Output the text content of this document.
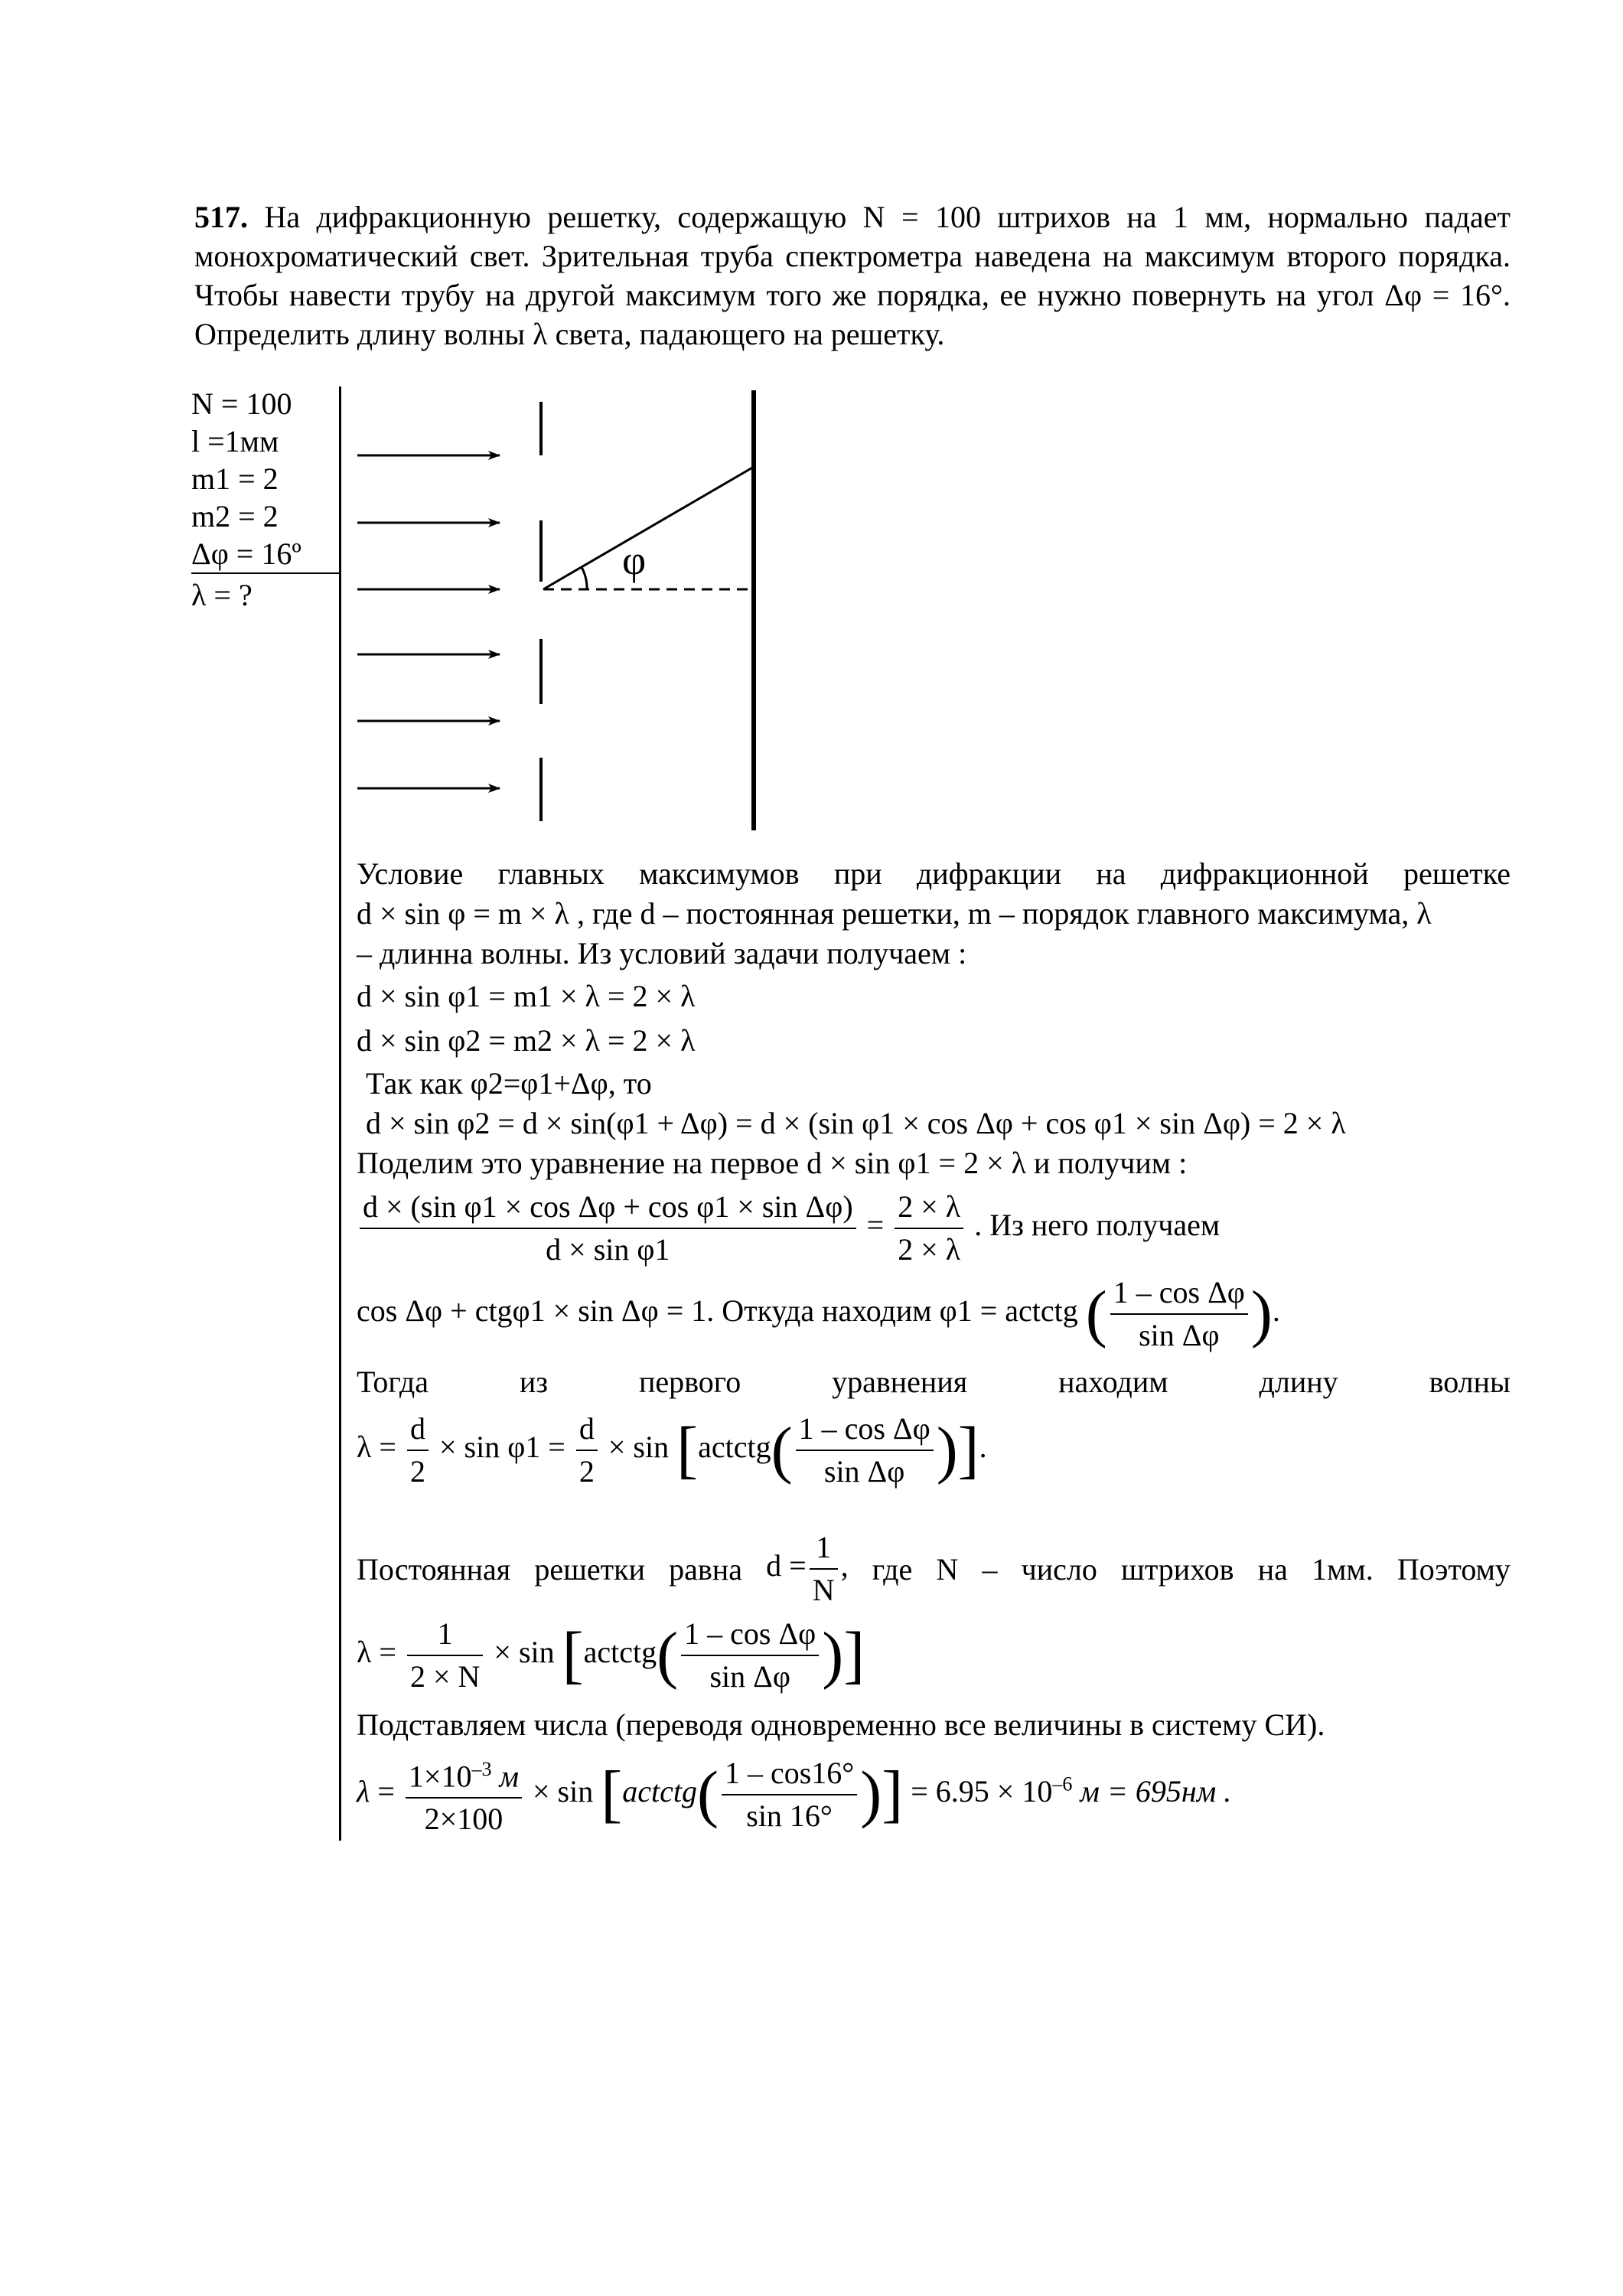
517. На дифракционную решетку, содержащую N = 100 штрихов на 1 мм, нормально падает монохроматический свет. Зрительная труба спектрометра наведена на максимум второго порядка. Чтобы навести трубу на другой максимум того же порядка, ее нужно повернуть на угол Δφ = 16°. Определить длину волны λ света, падающего на решетку.
N = 100
l =1мм
m1 = 2
m2 = 2
Δφ = 16º
λ = ?
φ
Условие главных максимумов при дифракции на дифракционной решетке
d × sin φ = m × λ , где d – постоянная решетки, m – порядок главного максимума, λ
– длинна волны. Из условий задачи получаем :
d × sin φ1 = m1 × λ = 2 × λ
d × sin φ2 = m2 × λ = 2 × λ
Так как φ2=φ1+Δφ, то
d × sin φ2 = d × sin(φ1 + Δφ) = d × (sin φ1 × cos Δφ + cos φ1 × sin Δφ) = 2 × λ
Поделим это уравнение на первое d × sin φ1 = 2 × λ и получим :
$\frac{\text{d × (sin φ1 × cos Δφ + cos φ1 × sin Δφ)}}{\text{d × sin φ1}} = \frac{2 \times \lambda}{2 \times \lambda}$ . Из него получаем
cos Δφ + ctgφ1 × sin Δφ = 1. Откуда находим φ1 = actctg ( $\frac{\text{1 – cos Δφ}}{\text{sin Δφ}}$ ).
Тогда	из	первого	уравнения	находим	длину	волны
$\lambda = \frac{d}{2} \times \sin \varphi 1 = \frac{d}{2} \times \sin$ [actctg( $\frac{\text{1 – cos Δφ}}{\text{sin Δφ}}$ )].
Постоянная решетки равна $d = \frac{1}{N}$ , где N – число штрихов на 1мм. Поэтому
$\lambda = \frac{1}{2 \times N} \times \sin$ [actctg( $\frac{\text{1 – cos Δφ}}{\text{sin Δφ}}$ )]
Подставляем числа (переводя одновременно все величины в систему СИ).
$\lambda = \frac{1\times 10^{-3} м}{2\times 100} \times \sin$ [actctg( $\frac{1 - \cos 16^\circ}{\sin 16^\circ}$ )] = $6.95 \times 10^{-6}$ м = 695нм .
